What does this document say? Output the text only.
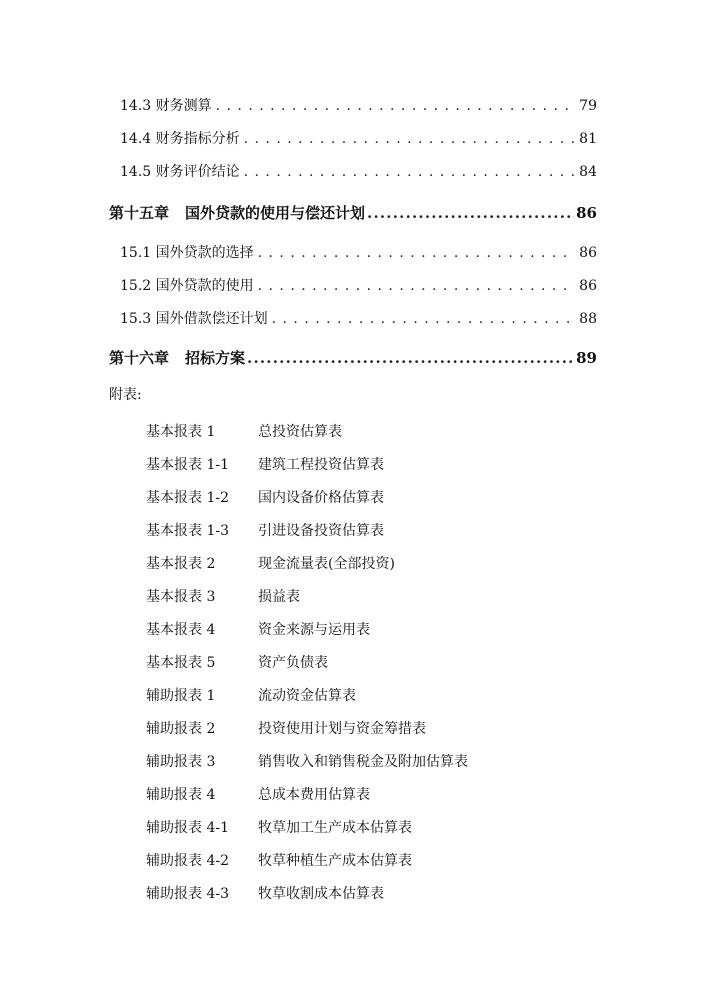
14.3 财务测算 . . .	79
14.4 财务指标分析 . . .	81
14.5 财务评价结论 . . .	84
第十五章 国外贷款的使用与偿还计划 .....	86
15.1 国外贷款的选择 . . .	86
15.2 国外贷款的使用 . . .	86
15.3 国外借款偿还计划 . . .	88
第十六章 招标方案 .....	89
附表:
基本报表 1	总投资估算表
基本报表 1-1 建筑工程投资估算表
基本报表 1-2 国内设备价格估算表
基本报表 1-3 引进设备投资估算表
基本报表 2	现金流量表(全部投资)
基本报表 3	损益表
基本报表 4	资金来源与运用表
基本报表 5	资产负债表
辅助报表 1	流动资金估算表
辅助报表 2	投资使用计划与资金筹措表
辅助报表 3	销售收入和销售税金及附加估算表
辅助报表 4	总成本费用估算表
辅助报表 4-1 牧草加工生产成本估算表
辅助报表 4-2 牧草种植生产成本估算表
辅助报表 4-3 牧草收割成本估算表
